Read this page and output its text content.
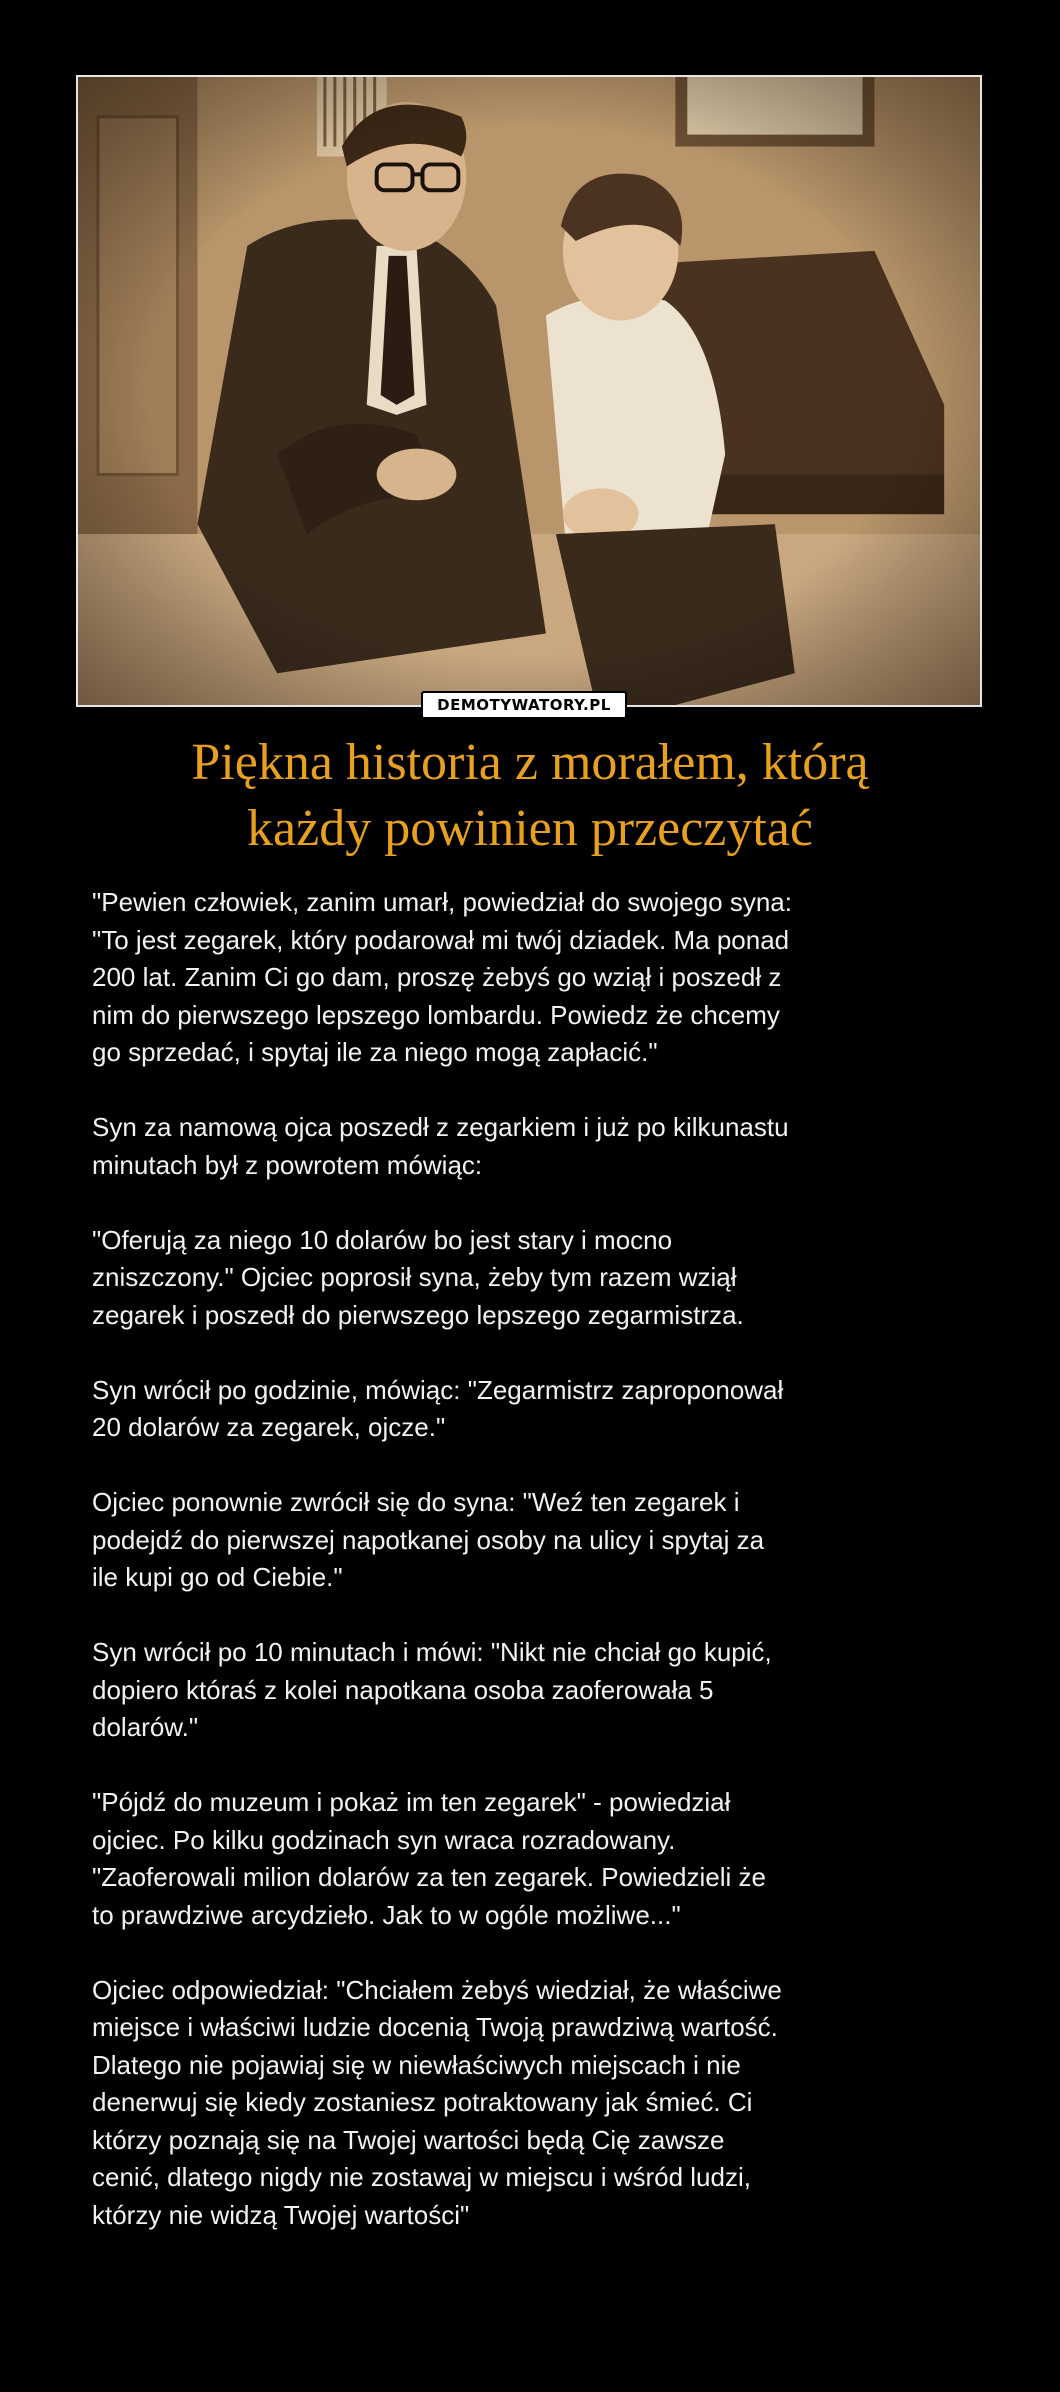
DEMOTYWATORY.PL
Piękna historia z morałem, którą
każdy powinien przeczytać

"Pewien człowiek, zanim umarł, powiedział do swojego syna:
"To jest zegarek, który podarował mi twój dziadek. Ma ponad
200 lat. Zanim Ci go dam, proszę żebyś go wziął i poszedł z
nim do pierwszego lepszego lombardu. Powiedz że chcemy
go sprzedać, i spytaj ile za niego mogą zapłacić."

Syn za namową ojca poszedł z zegarkiem i już po kilkunastu
minutach był z powrotem mówiąc:

"Oferują za niego 10 dolarów bo jest stary i mocno
zniszczony." Ojciec poprosił syna, żeby tym razem wziął
zegarek i poszedł do pierwszego lepszego zegarmistrza.

Syn wrócił po godzinie, mówiąc: "Zegarmistrz zaproponował
20 dolarów za zegarek, ojcze."

Ojciec ponownie zwrócił się do syna: "Weź ten zegarek i
podejdź do pierwszej napotkanej osoby na ulicy i spytaj za
ile kupi go od Ciebie."

Syn wrócił po 10 minutach i mówi: "Nikt nie chciał go kupić,
dopiero któraś z kolei napotkana osoba zaoferowała 5
dolarów."

"Pójdź do muzeum i pokaż im ten zegarek" - powiedział
ojciec. Po kilku godzinach syn wraca rozradowany.
"Zaoferowali milion dolarów za ten zegarek. Powiedzieli że
to prawdziwe arcydzieło. Jak to w ogóle możliwe..."

Ojciec odpowiedział: "Chciałem żebyś wiedział, że właściwe
miejsce i właściwi ludzie docenią Twoją prawdziwą wartość.
Dlatego nie pojawiaj się w niewłaściwych miejscach i nie
denerwuj się kiedy zostaniesz potraktowany jak śmieć. Ci
którzy poznają się na Twojej wartości będą Cię zawsze
cenić, dlatego nigdy nie zostawaj w miejscu i wśród ludzi,
którzy nie widzą Twojej wartości"
